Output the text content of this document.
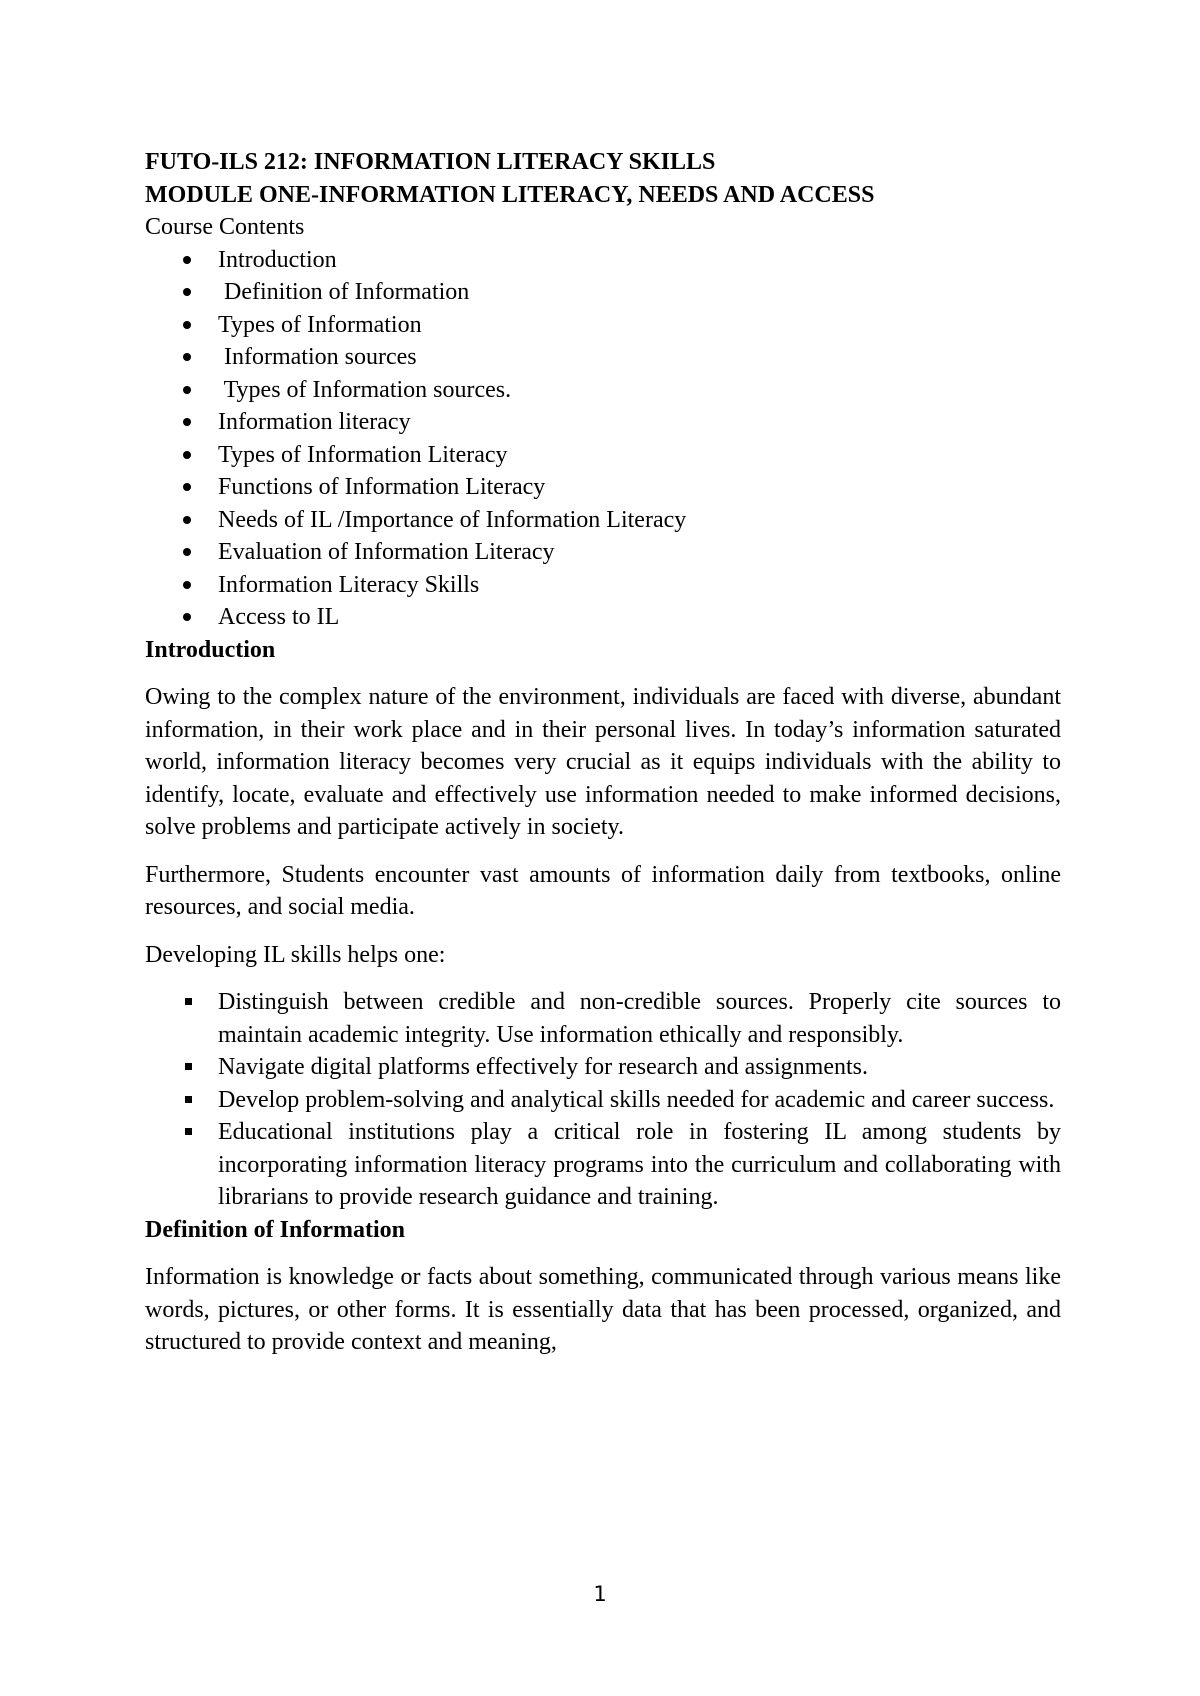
FUTO-ILS 212: INFORMATION LITERACY SKILLS

MODULE ONE-INFORMATION LITERACY, NEEDS AND ACCESS

Course Contents

Introduction
Definition of Information
Types of Information
Information sources
Types of Information sources.
Information literacy
Types of Information Literacy
Functions of Information Literacy
Needs of IL /Importance of Information Literacy
Evaluation of Information Literacy
Information Literacy Skills
Access to IL
Introduction

Owing to the complex nature of the environment, individuals are faced with diverse, abundant information, in their work place and in their personal lives. In today’s information saturated world, information literacy becomes very crucial as it equips individuals with the ability to identify, locate, evaluate and effectively use information needed to make informed decisions, solve problems and participate actively in society.

Furthermore, Students encounter vast amounts of information daily from textbooks, online resources, and social media.

Developing IL skills helps one:

Distinguish between credible and non-credible sources. Properly cite sources to maintain academic integrity. Use information ethically and responsibly.
Navigate digital platforms effectively for research and assignments.
Develop problem-solving and analytical skills needed for academic and career success.
Educational institutions play a critical role in fostering IL among students by incorporating information literacy programs into the curriculum and collaborating with librarians to provide research guidance and training.
Definition of Information

Information is knowledge or facts about something, communicated through various means like words, pictures, or other forms. It is essentially data that has been processed, organized, and structured to provide context and meaning,

1
